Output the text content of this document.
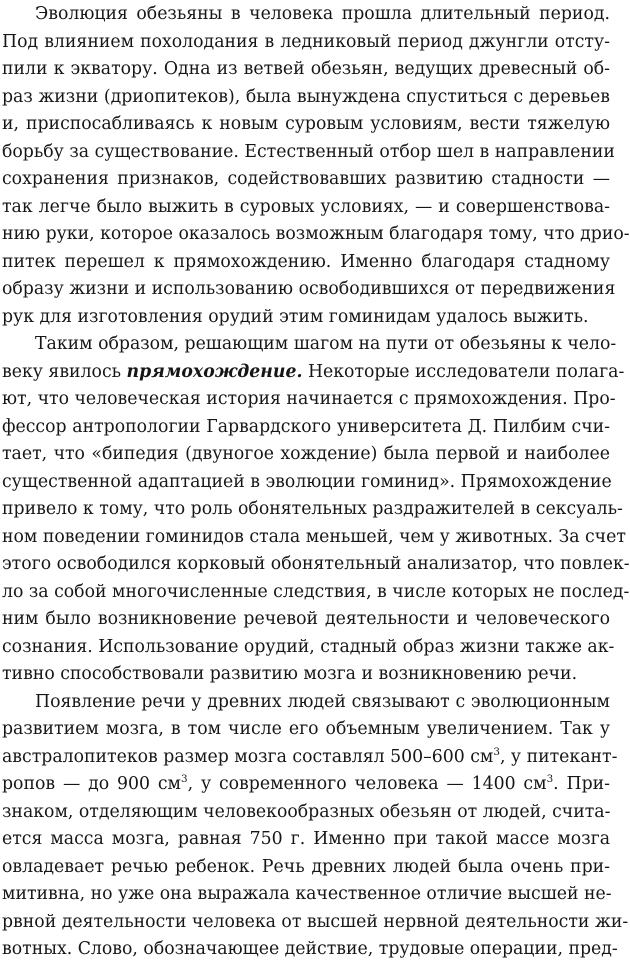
Эволюция обезьяны в человека прошла длительный период.
Под влиянием похолодания в ледниковый период джунгли отсту-
пили к экватору. Одна из ветвей обезьян, ведущих древесный об-
раз жизни (дриопитеков), была вынуждена спуститься с деревьев
и, приспосабливаясь к новым суровым условиям, вести тяжелую
борьбу за существование. Естественный отбор шел в направлении
сохранения признаков, содействовавших развитию стадности —
так легче было выжить в суровых условиях, — и совершенствова-
нию руки, которое оказалось возможным благодаря тому, что дрио-
питек перешел к прямохождению. Именно благодаря стадному
образу жизни и использованию освободившихся от передвижения
рук для изготовления орудий этим гоминидам удалось выжить.
Таким образом, решающим шагом на пути от обезьяны к чело-
веку явилось прямохождение. Некоторые исследователи полага-
ют, что человеческая история начинается с прямохождения. Про-
фессор антропологии Гарвардского университета Д. Пилбим счи-
тает, что «бипедия (двуногое хождение) была первой и наиболее
существенной адаптацией в эволюции гоминид». Прямохождение
привело к тому, что роль обонятельных раздражителей в сексуаль-
ном поведении гоминидов стала меньшей, чем у животных. За счет
этого освободился корковый обонятельный анализатор, что повлек-
ло за собой многочисленные следствия, в числе которых не послед-
ним было возникновение речевой деятельности и человеческого
сознания. Использование орудий, стадный образ жизни также ак-
тивно способствовали развитию мозга и возникновению речи.
Появление речи у древних людей связывают с эволюционным
развитием мозга, в том числе его объемным увеличением. Так у
австралопитеков размер мозга составлял 500–600 $см^3$, у питекант-
ропов — до 900 $см^3$, у современного человека — 1400 $см^3$. При-
знаком, отделяющим человекообразных обезьян от людей, счита-
ется масса мозга, равная 750 г. Именно при такой массе мозга
овладевает речью ребенок. Речь древних людей была очень при-
митивна, но уже она выражала качественное отличие высшей не-
рвной деятельности человека от высшей нервной деятельности жи-
вотных. Слово, обозначающее действие, трудовые операции, пред-
